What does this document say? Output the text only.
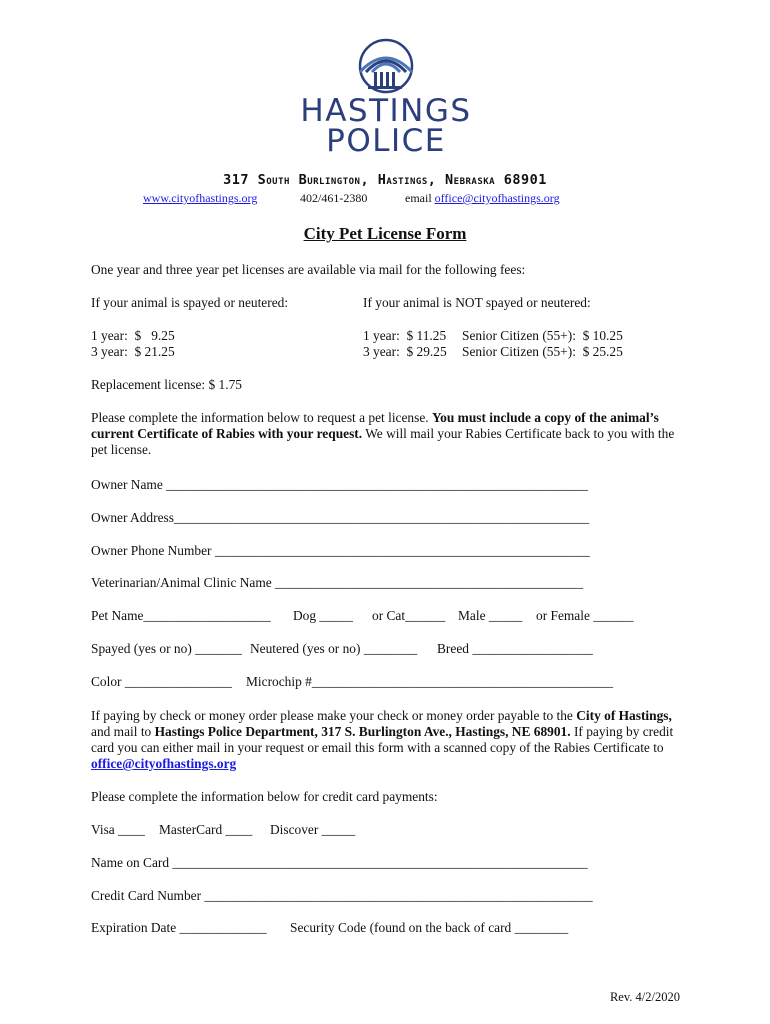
HASTINGS
POLICE
317 South Burlington, Hastings, Nebraska 68901
www.cityofhastings.org	402/461-2380	email office@cityofhastings.org
City Pet License Form
One year and three year pet licenses are available via mail for the following fees:
If your animal is spayed or neutered:	If your animal is NOT spayed or neutered:
1 year:  $   9.25	1 year:  $ 11.25 Senior Citizen (55+):  $ 10.25
3 year:  $ 21.25	3 year:  $ 29.25 Senior Citizen (55+):  $ 25.25
Replacement license: $ 1.75
Please complete the information below to request a pet license. You must include a copy of the animal’s current Certificate of Rabies with your request. We will mail your Rabies Certificate back to you with the pet license.
Owner Name _______________________________________________________________
Owner Address______________________________________________________________
Owner Phone Number ________________________________________________________
Veterinarian/Animal Clinic Name ______________________________________________
Pet Name___________________ Dog _____ or Cat______ Male _____ or Female ______
Spayed (yes or no) _______ Neutered (yes or no) ________ Breed __________________
Color ________________ Microchip #_____________________________________________
If paying by check or money order please make your check or money order payable to the City of Hastings, and mail to Hastings Police Department, 317 S. Burlington Ave., Hastings, NE 68901. If paying by credit card you can either mail in your request or email this form with a scanned copy of the Rabies Certificate to office@cityofhastings.org
Please complete the information below for credit card payments:
Visa ____ MasterCard ____ Discover _____
Name on Card ______________________________________________________________
Credit Card Number __________________________________________________________
Expiration Date _____________ Security Code (found on the back of card ________
Rev. 4/2/2020
